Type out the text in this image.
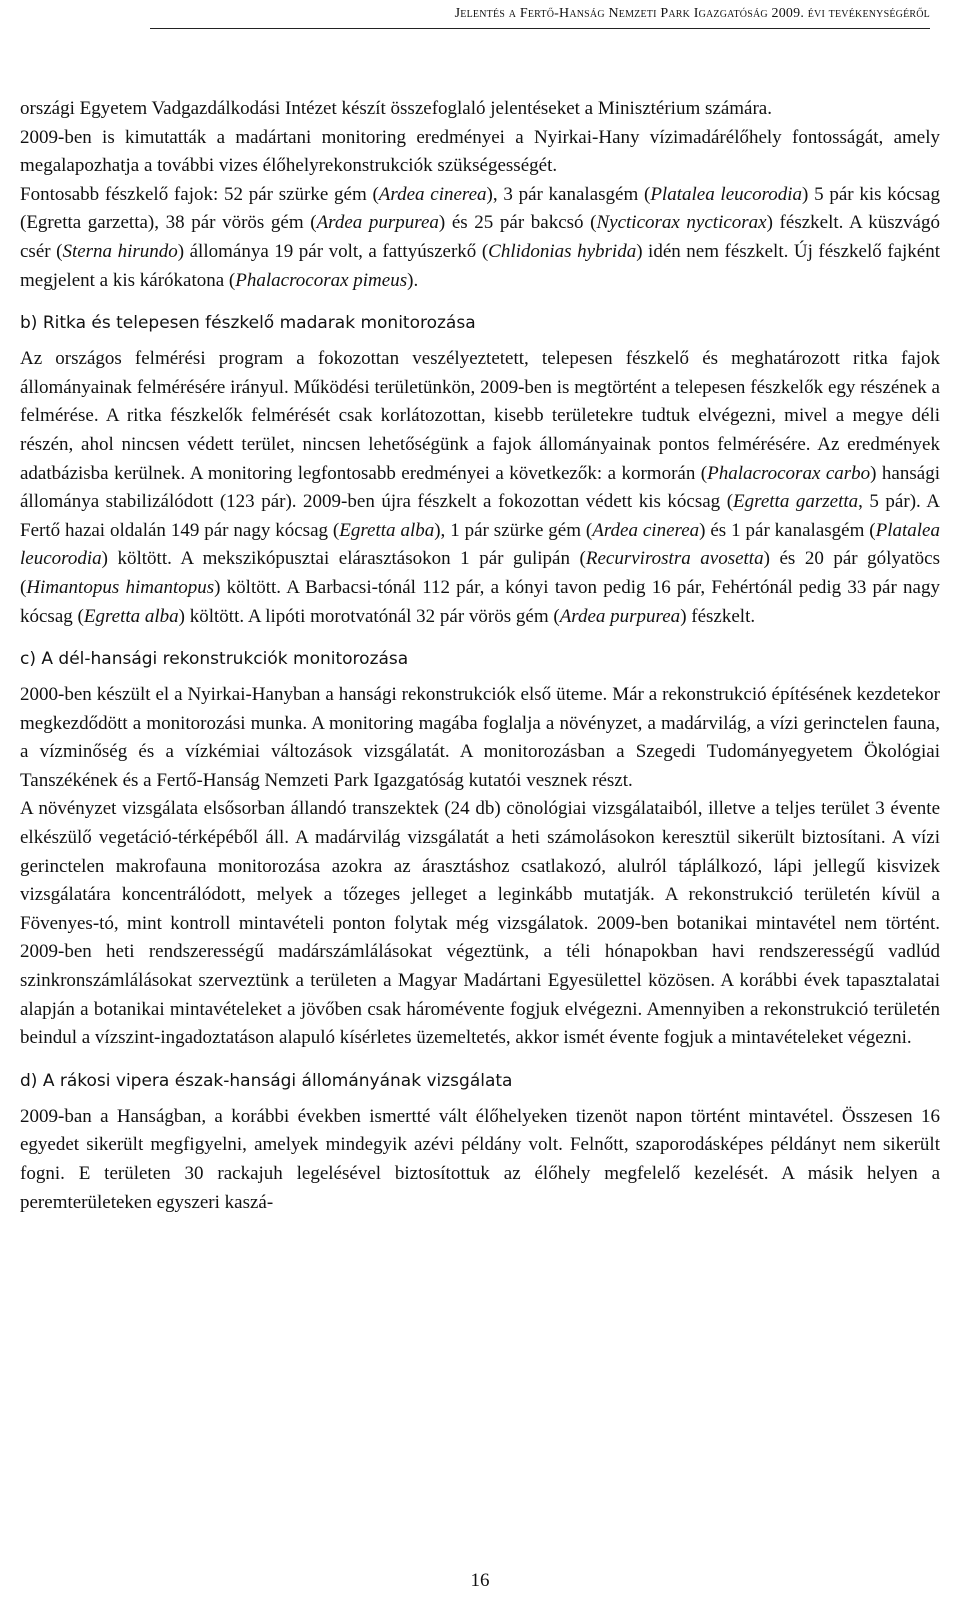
Jelentés a Fertő-Hanság Nemzeti Park Igazgatóság 2009. évi tevékenységéről

országi Egyetem Vadgazdálkodási Intézet készít összefoglaló jelentéseket a Minisztérium számára.

2009-ben is kimutatták a madártani monitoring eredményei a Nyirkai-Hany vízimadárélőhely fontosságát, amely megalapozhatja a további vizes élőhelyrekonstrukciók szükségességét.

Fontosabb fészkelő fajok: 52 pár szürke gém (Ardea cinerea), 3 pár kanalasgém (Platalea leucorodia) 5 pár kis kócsag (Egretta garzetta), 38 pár vörös gém (Ardea purpurea) és 25 pár bakcsó (Nycticorax nycticorax) fészkelt. A küszvágó csér (Sterna hirundo) állománya 19 pár volt, a fattyúszerkő (Chlidonias hybrida) idén nem fészkelt. Új fészkelő fajként megjelent a kis kárókatona (Phalacrocorax pimeus).

b) Ritka és telepesen fészkelő madarak monitorozása

Az országos felmérési program a fokozottan veszélyeztetett, telepesen fészkelő és meghatározott ritka fajok állományainak felmérésére irányul. Működési területünkön, 2009-ben is megtörtént a telepesen fészkelők egy részének a felmérése. A ritka fészkelők felmérését csak korlátozottan, kisebb területekre tudtuk elvégezni, mivel a megye déli részén, ahol nincsen védett terület, nincsen lehetőségünk a fajok állományainak pontos felmérésére. Az eredmények adatbázisba kerülnek. A monitoring legfontosabb eredményei a következők: a kormorán (Phalacrocorax carbo) hansági állománya stabilizálódott (123 pár). 2009-ben újra fészkelt a fokozottan védett kis kócsag (Egretta garzetta, 5 pár). A Fertő hazai oldalán 149 pár nagy kócsag (Egretta alba), 1 pár szürke gém (Ardea cinerea) és 1 pár kanalasgém (Platalea leucorodia) költött. A mekszikópusztai elárasztásokon 1 pár gulipán (Recurvirostra avosetta) és 20 pár gólyatöcs (Himantopus himantopus) költött. A Barbacsi-tónál 112 pár, a kónyi tavon pedig 16 pár, Fehértónál pedig 33 pár nagy kócsag (Egretta alba) költött. A lipóti morotvatónál 32 pár vörös gém (Ardea purpurea) fészkelt.

c) A dél-hansági rekonstrukciók monitorozása

2000-ben készült el a Nyirkai-Hanyban a hansági rekonstrukciók első üteme. Már a rekonstrukció építésének kezdetekor megkezdődött a monitorozási munka. A monitoring magába foglalja a növényzet, a madárvilág, a vízi gerinctelen fauna, a vízminőség és a vízkémiai változások vizsgálatát. A monitorozásban a Szegedi Tudományegyetem Ökológiai Tanszékének és a Fertő-Hanság Nemzeti Park Igazgatóság kutatói vesznek részt.

A növényzet vizsgálata elsősorban állandó transzektek (24 db) cönológiai vizsgálataiból, illetve a teljes terület 3 évente elkészülő vegetáció-térképéből áll. A madárvilág vizsgálatát a heti számolásokon keresztül sikerült biztosítani. A vízi gerinctelen makrofauna monitorozása azokra az árasztáshoz csatlakozó, alulról táplálkozó, lápi jellegű kisvizek vizsgálatára koncentrálódott, melyek a tőzeges jelleget a leginkább mutatják. A rekonstrukció területén kívül a Fövenyes-tó, mint kontroll mintavételi ponton folytak még vizsgálatok. 2009-ben botanikai mintavétel nem történt. 2009-ben heti rendszerességű madárszámlálásokat végeztünk, a téli hónapokban havi rendszerességű vadlúd szinkronszámlálásokat szerveztünk a területen a Magyar Madártani Egyesülettel közösen. A korábbi évek tapasztalatai alapján a botanikai mintavételeket a jövőben csak háromévente fogjuk elvégezni. Amennyiben a rekonstrukció területén beindul a vízszint-ingadoztatáson alapuló kísérletes üzemeltetés, akkor ismét évente fogjuk a mintavételeket végezni.

d) A rákosi vipera észak-hansági állományának vizsgálata

2009-ban a Hanságban, a korábbi években ismertté vált élőhelyeken tizenöt napon történt mintavétel. Összesen 16 egyedet sikerült megfigyelni, amelyek mindegyik azévi példány volt. Felnőtt, szaporodásképes példányt nem sikerült fogni. E területen 30 rackajuh legelésével biztosítottuk az élőhely megfelelő kezelését. A másik helyen a peremterületeken egyszeri kaszá-

16
